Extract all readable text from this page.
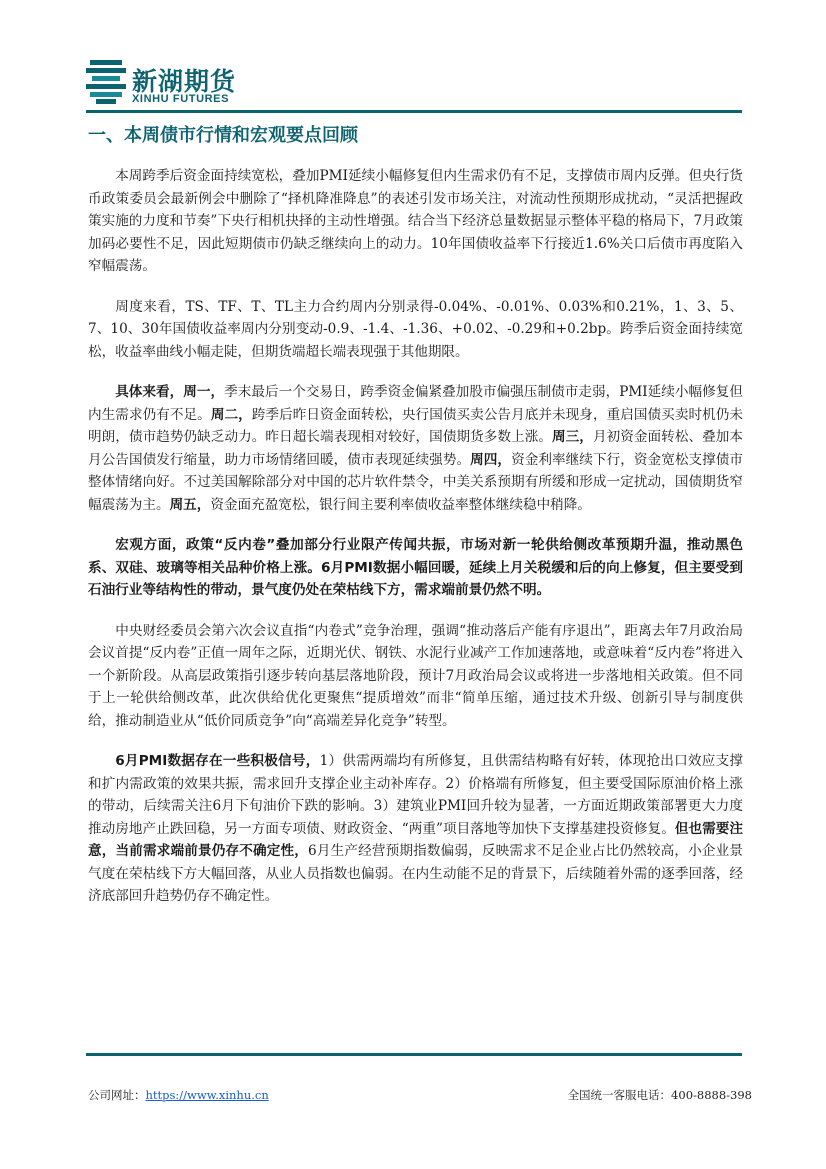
新湖期货
XINHU FUTURES
一、本周债市行情和宏观要点回顾

本周跨季后资金面持续宽松，叠加PMI延续小幅修复但内生需求仍有不足，支撑债市周内反弹。但央行货币政策委员会最新例会中删除了“择机降准降息”的表述引发市场关注，对流动性预期形成扰动，“灵活把握政策实施的力度和节奏”下央行相机抉择的主动性增强。结合当下经济总量数据显示整体平稳的格局下，7月政策加码必要性不足，因此短期债市仍缺乏继续向上的动力。10年国债收益率下行接近1.6%关口后债市再度陷入窄幅震荡。

周度来看，TS、TF、T、TL主力合约周内分别录得-0.04%、-0.01%、0.03%和0.21%，1、3、5、7、10、30年国债收益率周内分别变动-0.9、-1.4、-1.36、+0.02、-0.29和+0.2bp。跨季后资金面持续宽松，收益率曲线小幅走陡，但期货端超长端表现强于其他期限。

具体来看，周一，季末最后一个交易日，跨季资金偏紧叠加股市偏强压制债市走弱，PMI延续小幅修复但内生需求仍有不足。周二，跨季后昨日资金面转松，央行国债买卖公告月底并未现身，重启国债买卖时机仍未明朗，债市趋势仍缺乏动力。昨日超长端表现相对较好，国债期货多数上涨。周三，月初资金面转松、叠加本月公告国债发行缩量，助力市场情绪回暖，债市表现延续强势。周四，资金利率继续下行，资金宽松支撑债市整体情绪向好。不过美国解除部分对中国的芯片软件禁令，中美关系预期有所缓和形成一定扰动，国债期货窄幅震荡为主。周五，资金面充盈宽松，银行间主要利率债收益率整体继续稳中稍降。

宏观方面，政策“反内卷”叠加部分行业限产传闻共振，市场对新一轮供给侧改革预期升温，推动黑色系、双硅、玻璃等相关品种价格上涨。6月PMI数据小幅回暖，延续上月关税缓和后的向上修复，但主要受到石油行业等结构性的带动，景气度仍处在荣枯线下方，需求端前景仍然不明。

中央财经委员会第六次会议直指“内卷式”竞争治理，强调“推动落后产能有序退出”，距离去年7月政治局会议首提“反内卷”正值一周年之际，近期光伏、钢铁、水泥行业减产工作加速落地，或意味着“反内卷”将进入一个新阶段。从高层政策指引逐步转向基层落地阶段，预计7月政治局会议或将进一步落地相关政策。但不同于上一轮供给侧改革，此次供给优化更聚焦“提质增效”而非“简单压缩，通过技术升级、创新引导与制度供给，推动制造业从“低价同质竞争”向“高端差异化竞争”转型。

6月PMI数据存在一些积极信号，1）供需两端均有所修复，且供需结构略有好转，体现抢出口效应支撑和扩内需政策的效果共振，需求回升支撑企业主动补库存。2）价格端有所修复，但主要受国际原油价格上涨的带动，后续需关注6月下旬油价下跌的影响。3）建筑业PMI回升较为显著，一方面近期政策部署更大力度推动房地产止跌回稳，另一方面专项债、财政资金、“两重”项目落地等加快下支撑基建投资修复。但也需要注意，当前需求端前景仍存不确定性，6月生产经营预期指数偏弱，反映需求不足企业占比仍然较高，小企业景气度在荣枯线下方大幅回落，从业人员指数也偏弱。在内生动能不足的背景下，后续随着外需的逐季回落，经济底部回升趋势仍存不确定性。

公司网址：https://www.xinhu.cn	全国统一客服电话：400-8888-398
